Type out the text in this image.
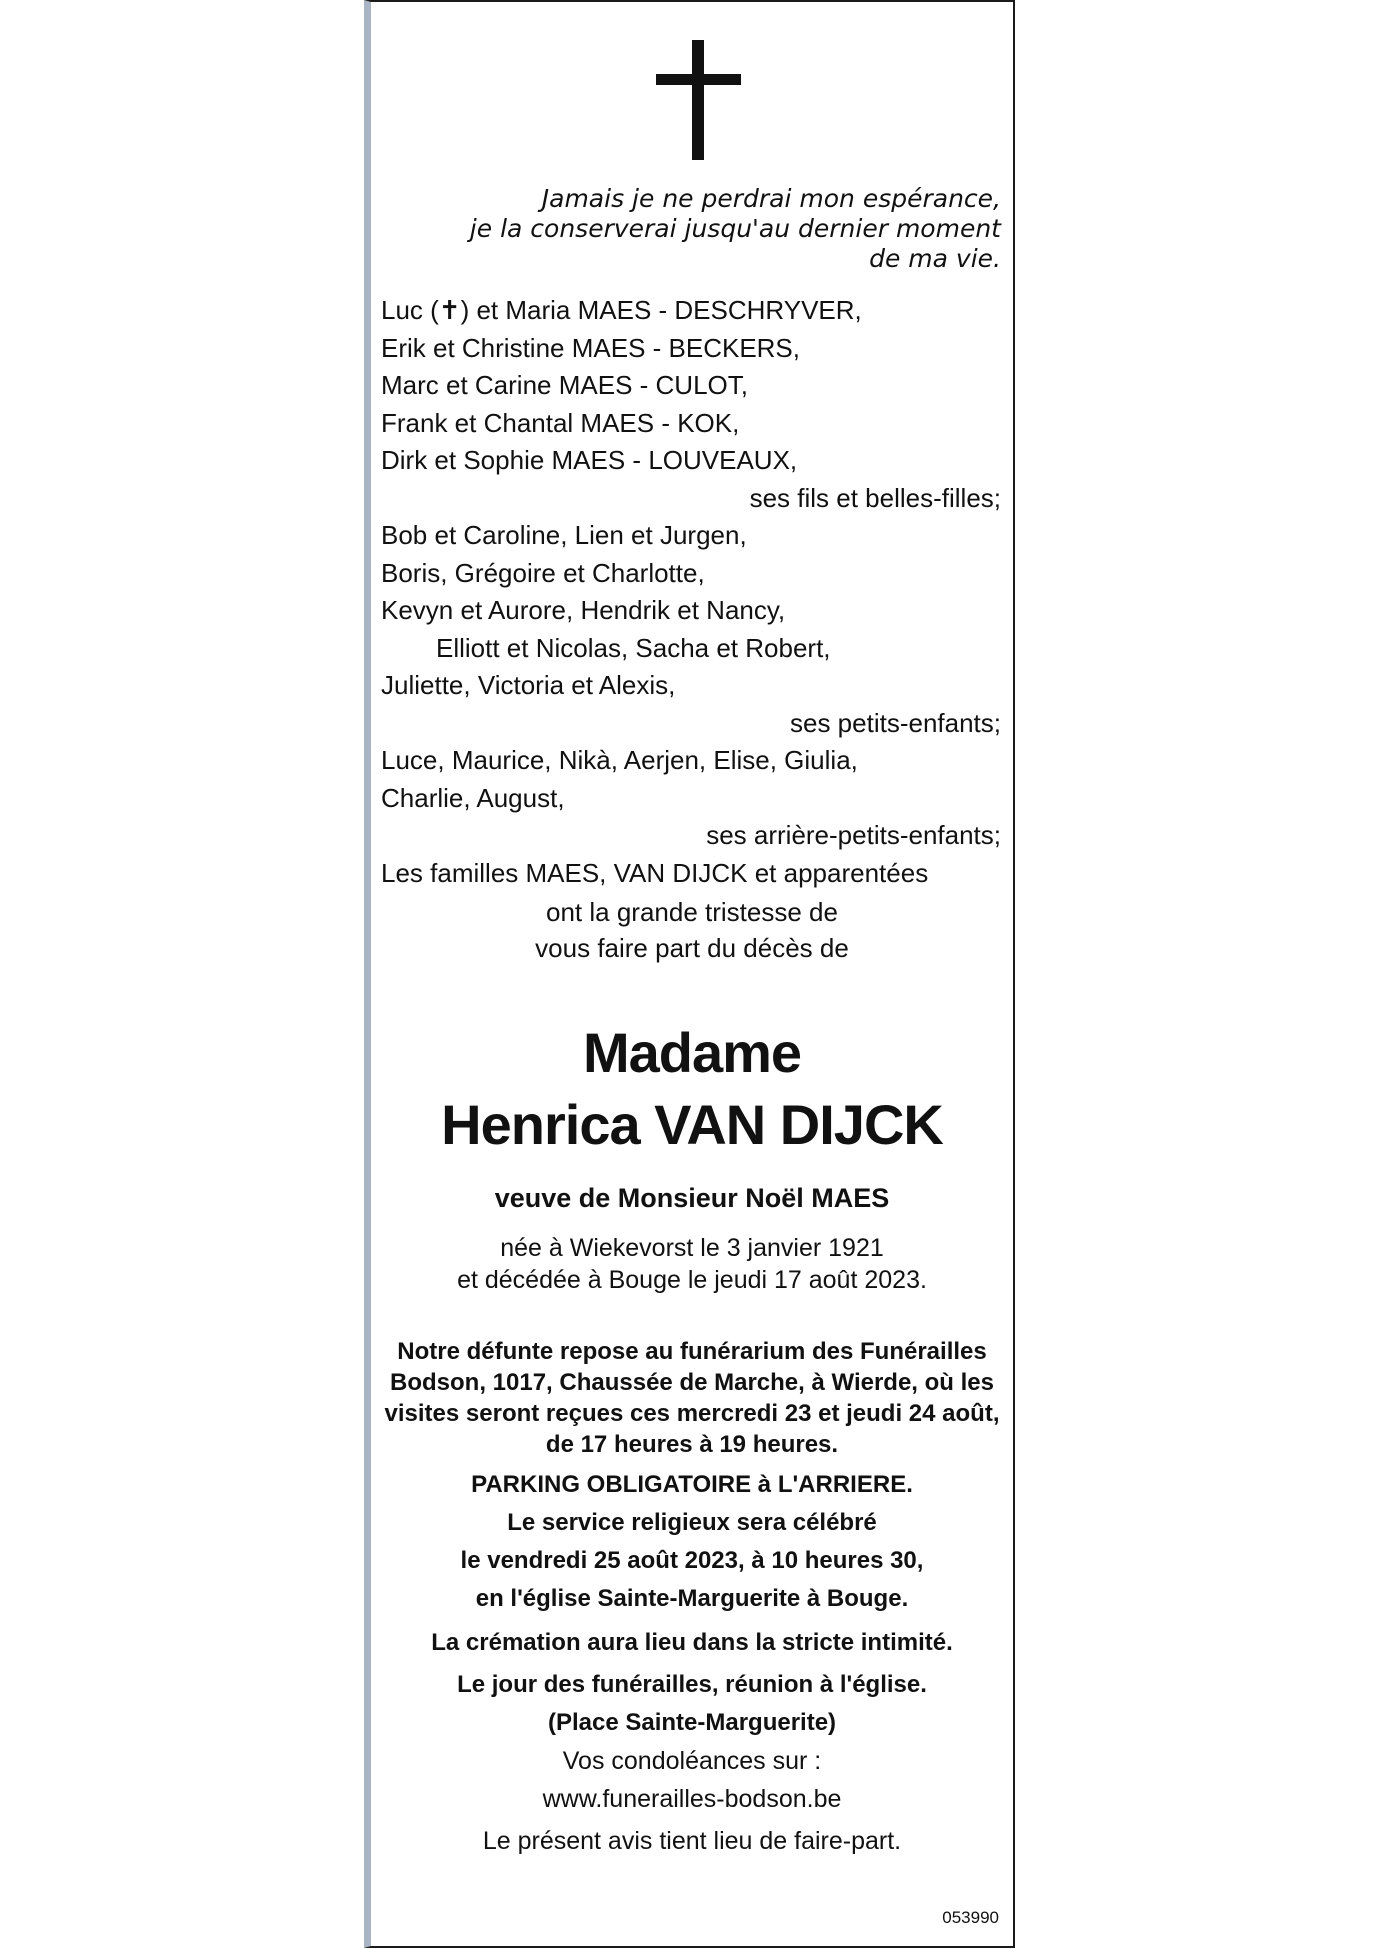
Jamais je ne perdrai mon espérance,
je la conserverai jusqu'au dernier moment
de ma vie.
Luc (✝) et Maria MAES - DESCHRYVER,
Erik et Christine MAES - BECKERS,
Marc et Carine MAES - CULOT,
Frank et Chantal MAES - KOK,
Dirk et Sophie MAES - LOUVEAUX,
ses fils et belles-filles;
Bob et Caroline, Lien et Jurgen,
Boris, Grégoire et Charlotte,
Kevyn et Aurore, Hendrik et Nancy,
Elliott et Nicolas, Sacha et Robert,
Juliette, Victoria et Alexis,
ses petits-enfants;
Luce, Maurice, Nikà, Aerjen, Elise, Giulia,
Charlie, August,
ses arrière-petits-enfants;
Les familles MAES, VAN DIJCK et apparentées
ont la grande tristesse de
vous faire part du décès de
Madame
Henrica VAN DIJCK
veuve de Monsieur Noël MAES
née à Wiekevorst le 3 janvier 1921
et décédée à Bouge le jeudi 17 août 2023.
Notre défunte repose au funérarium des Funérailles
Bodson, 1017, Chaussée de Marche, à Wierde, où les
visites seront reçues ces mercredi 23 et jeudi 24 août,
de 17 heures à 19 heures.
PARKING OBLIGATOIRE à L'ARRIERE.
Le service religieux sera célébré
le vendredi 25 août 2023, à 10 heures 30,
en l'église Sainte-Marguerite à Bouge.
La crémation aura lieu dans la stricte intimité.
Le jour des funérailles, réunion à l'église.
(Place Sainte-Marguerite)
Vos condoléances sur :
www.funerailles-bodson.be
Le présent avis tient lieu de faire-part.
053990
